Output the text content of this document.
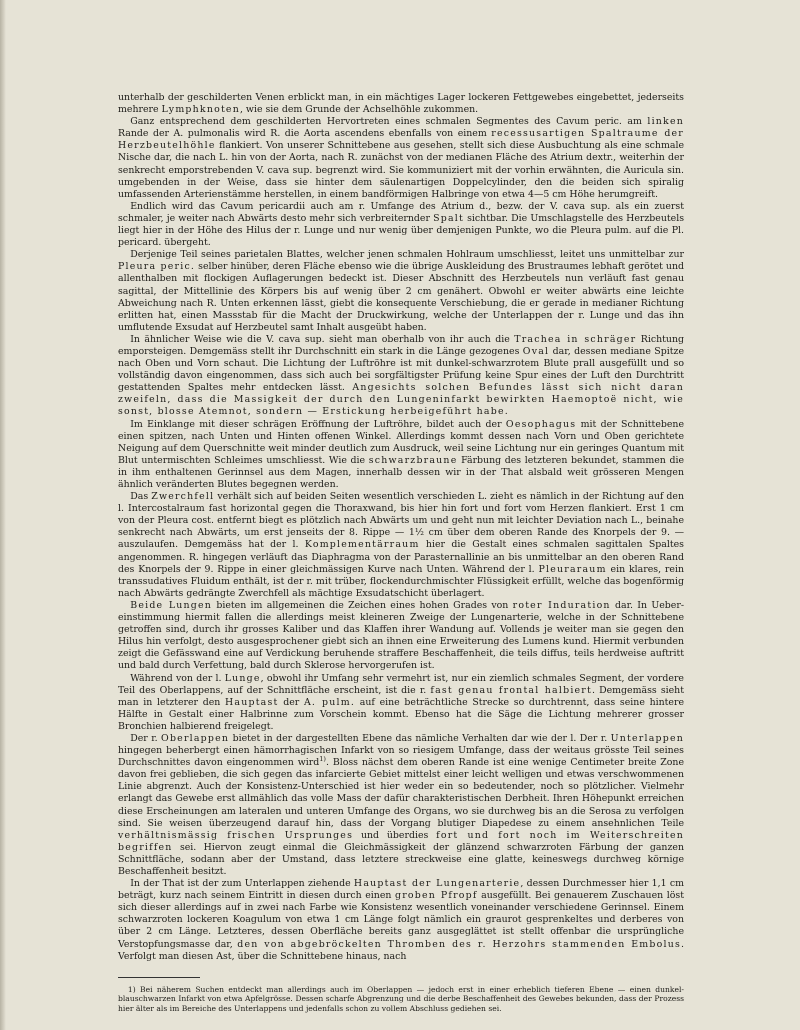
unterhalb der geschilderten Venen erblickt man, in ein mächtiges Lager lockeren Fettgewebes eingebettet, jederseits mehrere Lymphknoten, wie sie dem Grunde der Achselhöhle zukommen.

Ganz entsprechend dem geschilderten Hervortreten eines schmalen Segmentes des Cavum peric. am linken Rande der A. pulmonalis wird R. die Aorta ascendens ebenfalls von einem recessusartigen Spaltraume der Herzbeutelhöhle flankiert. Von unserer Schnittebene aus gesehen, stellt sich diese Ausbuchtung als eine schmale Nische dar, die nach L. hin von der Aorta, nach R. zunächst von der medianen Fläche des Atrium dextr., weiterhin der senkrecht emporstrebenden V. cava sup. begrenzt wird. Sie kommuniziert mit der vorhin erwähnten, die Auricula sin. umgebenden in der Weise, dass sie hinter dem säulenartigen Doppelcylinder, den die beiden sich spiralig umfassenden Arterienstämme herstellen, in einem bandförmigen Halbringe von etwa 4—5 cm Höhe herumgreift.

Endlich wird das Cavum pericardii auch am r. Umfange des Atrium d., bezw. der V. cava sup. als ein zuerst schmaler, je weiter nach Abwärts desto mehr sich verbreiternder Spalt sichtbar. Die Umschlagstelle des Herzbeutels liegt hier in der Höhe des Hilus der r. Lunge und nur wenig über demjenigen Punkte, wo die Pleura pulm. auf die Pl. pericard. übergeht.

Derjenige Teil seines parietalen Blattes, welcher jenen schmalen Hohlraum umschliesst, leitet uns unmittelbar zur Pleura peric. selber hinüber, deren Fläche ebenso wie die übrige Auskleidung des Brustraumes lebhaft gerötet und allenthalben mit flockigen Auflagerungen bedeckt ist. Dieser Abschnitt des Herzbeutels nun verläuft fast genau sagittal, der Mittellinie des Körpers bis auf wenig über 2 cm genähert. Obwohl er weiter abwärts eine leichte Abweichung nach R. Unten erkennen lässt, giebt die konsequente Verschiebung, die er gerade in medianer Richtung erlitten hat, einen Massstab für die Macht der Druckwirkung, welche der Unterlappen der r. Lunge und das ihn umflutende Exsudat auf Herzbeutel samt Inhalt ausgeübt haben.

In ähnlicher Weise wie die V. cava sup. sieht man oberhalb von ihr auch die Trachea in schräger Richtung emporsteigen. Demgemäss stellt ihr Durchschnitt ein stark in die Länge gezogenes Oval dar, dessen mediane Spitze nach Oben und Vorn schaut. Die Lichtung der Luftröhre ist mit dunkel-schwarzrotem Blute prall ausgefüllt und so vollständig davon eingenommen, dass sich auch bei sorgfältigster Prüfung keine Spur eines der Luft den Durchtritt gestattenden Spaltes mehr entdecken lässt. Angesichts solchen Befundes lässt sich nicht daran zweifeln, dass die Massigkeit der durch den Lungeninfarkt bewirkten Haemoptoë nicht, wie sonst, blosse Atemnot, sondern — Erstickung herbeigeführt habe.

Im Einklange mit dieser schrägen Eröffnung der Luftröhre, bildet auch der Oesophagus mit der Schnittebene einen spitzen, nach Unten und Hinten offenen Winkel. Allerdings kommt dessen nach Vorn und Oben gerichtete Neigung auf dem Querschnitte weit minder deutlich zum Ausdruck, weil seine Lichtung nur ein geringes Quantum mit Blut untermischten Schleimes umschliesst. Wie die schwarzbraune Färbung des letzteren bekundet, stammen die in ihm enthaltenen Gerinnsel aus dem Magen, innerhalb dessen wir in der That alsbald weit grösseren Mengen ähnlich veränderten Blutes begegnen werden.

Das Zwerchfell verhält sich auf beiden Seiten wesentlich verschieden L. zieht es nämlich in der Richtung auf den l. Intercostalraum fast horizontal gegen die Thoraxwand, bis hier hin fort und fort vom Herzen flankiert. Erst 1 cm von der Pleura cost. entfernt biegt es plötzlich nach Abwärts um und geht nun mit leichter Deviation nach L., beinahe senkrecht nach Abwärts, um erst jenseits der 8. Rippe — 1½ cm über dem oberen Rande des Knorpels der 9. — auszulaufen. Demgemäss hat der l. Komplementärraum hier die Gestalt eines schmalen sagittalen Spaltes angenommen. R. hingegen verläuft das Diaphragma von der Parasternallinie an bis unmittelbar an den oberen Rand des Knorpels der 9. Rippe in einer gleichmässigen Kurve nach Unten. Während der l. Pleuraraum ein klares, rein transsudatives Fluidum enthält, ist der r. mit trüber, flockendurchmischter Flüssigkeit erfüllt, welche das bogenförmig nach Abwärts gedrängte Zwerchfell als mächtige Exsudatschicht überlagert.

Beide Lungen bieten im allgemeinen die Zeichen eines hohen Grades von roter Induration dar. In Uebereinstimmung hiermit fallen die allerdings meist kleineren Zweige der Lungenarterie, welche in der Schnittebene getroffen sind, durch ihr grosses Kaliber und das Klaffen ihrer Wandung auf. Vollends je weiter man sie gegen den Hilus hin verfolgt, desto ausgesprochener giebt sich an ihnen eine Erweiterung des Lumens kund. Hiermit verbunden zeigt die Gefässwand eine auf Verdickung beruhende straffere Beschaffenheit, die teils diffus, teils herdweise auftritt und bald durch Verfettung, bald durch Sklerose hervorgerufen ist.

Während von der l. Lunge, obwohl ihr Umfang sehr vermehrt ist, nur ein ziemlich schmales Segment, der vordere Teil des Oberlappens, auf der Schnittfläche erscheint, ist die r. fast genau frontal halbiert. Demgemäss sieht man in letzterer den Hauptast der A. pulm. auf eine beträchtliche Strecke so durchtrennt, dass seine hintere Hälfte in Gestalt einer Halbrinne zum Vorschein kommt. Ebenso hat die Säge die Lichtung mehrerer grosser Bronchien halbierend freigelegt.

Der r. Oberlappen bietet in der dargestellten Ebene das nämliche Verhalten dar wie der l. Der r. Unterlappen hingegen beherbergt einen hämorrhagischen Infarkt von so riesigem Umfange, dass der weitaus grösste Teil seines Durchschnittes davon eingenommen wird$^{1)}$. Bloss nächst dem oberen Rande ist eine wenige Centimeter breite Zone davon frei geblieben, die sich gegen das infarcierte Gebiet mittelst einer leicht welligen und etwas verschwommenen Linie abgrenzt. Auch der Konsistenz-Unterschied ist hier weder ein so bedeutender, noch so plötzlicher. Vielmehr erlangt das Gewebe erst allmählich das volle Mass der dafür charakteristischen Derbheit. Ihren Höhepunkt erreichen diese Erscheinungen am lateralen und unteren Umfange des Organs, wo sie durchweg bis an die Serosa zu verfolgen sind. Sie weisen überzeugend darauf hin, dass der Vorgang blutiger Diapedese zu einem ansehnlichen Teile verhältnismässig frischen Ursprunges und überdies fort und fort noch im Weiterschreiten begriffen sei. Hiervon zeugt einmal die Gleichmässigkeit der glänzend schwarzroten Färbung der ganzen Schnittfläche, sodann aber der Umstand, dass letztere streckweise eine glatte, keineswegs durchweg körnige Beschaffenheit besitzt.

In der That ist der zum Unterlappen ziehende Hauptast der Lungenarterie, dessen Durchmesser hier 1,1 cm beträgt, kurz nach seinem Eintritt in diesen durch einen groben Pfropf ausgefüllt. Bei genauerem Zuschauen löst sich dieser allerdings auf in zwei nach Farbe wie Konsistenz wesentlich voneinander verschiedene Gerinnsel. Einem schwarzroten lockeren Koagulum von etwa 1 cm Länge folgt nämlich ein graurot gesprenkeltes und derberes von über 2 cm Länge. Letzteres, dessen Oberfläche bereits ganz ausgeglättet ist stellt offenbar die ursprüngliche Verstopfungsmasse dar, den von abgebröckelten Thromben des r. Herzohrs stammenden Embolus. Verfolgt man diesen Ast, über die Schnittebene hinaus, nach

1) Bei näherem Suchen entdeckt man allerdings auch im Oberlappen — jedoch erst in einer erheblich tieferen Ebene — einen dunkelblauschwarzen Infarkt von etwa Apfelgrösse. Dessen scharfe Abgrenzung und die derbe Beschaffenheit des Gewebes bekunden, dass der Prozess hier älter als im Bereiche des Unterlappens und jedenfalls schon zu vollem Abschluss gediehen sei.
